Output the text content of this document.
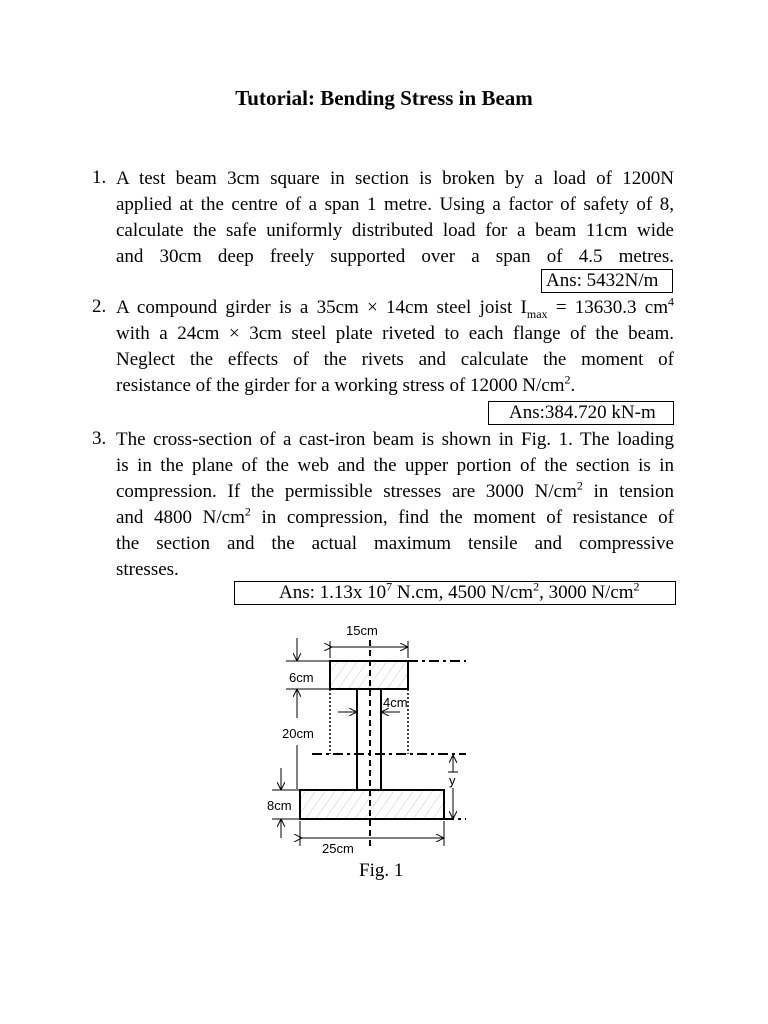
Tutorial: Bending Stress in Beam
1. A test beam 3cm square in section is broken by a load of 1200N
applied at the centre of a span 1 metre. Using a factor of safety of 8,
calculate the safe uniformly distributed load for a beam 11cm wide
and 30cm deep freely supported over a span of 4.5 metres.
Ans: 5432N/m
2. A compound girder is a 35cm × 14cm steel joist $I_{max} = 13630.3$ $cm^4$
with a 24cm × 3cm steel plate riveted to each flange of the beam.
Neglect the effects of the rivets and calculate the moment of
resistance of the girder for a working stress of 12000 $N/cm^2$.
Ans:384.720 kN-m
3. The cross-section of a cast-iron beam is shown in Fig. 1. The loading
is in the plane of the web and the upper portion of the section is in
compression. If the permissible stresses are 3000 $N/cm^2$ in tension
and 4800 $N/cm^2$ in compression, find the moment of resistance of
the section and the actual maximum tensile and compressive
stresses.
Ans: 1.13x $10^7$ N.cm, 4500 $N/cm^2$, 3000 $N/cm^2$
15cm
6cm
4cm
20cm
y
8cm
25cm
Fig. 1
